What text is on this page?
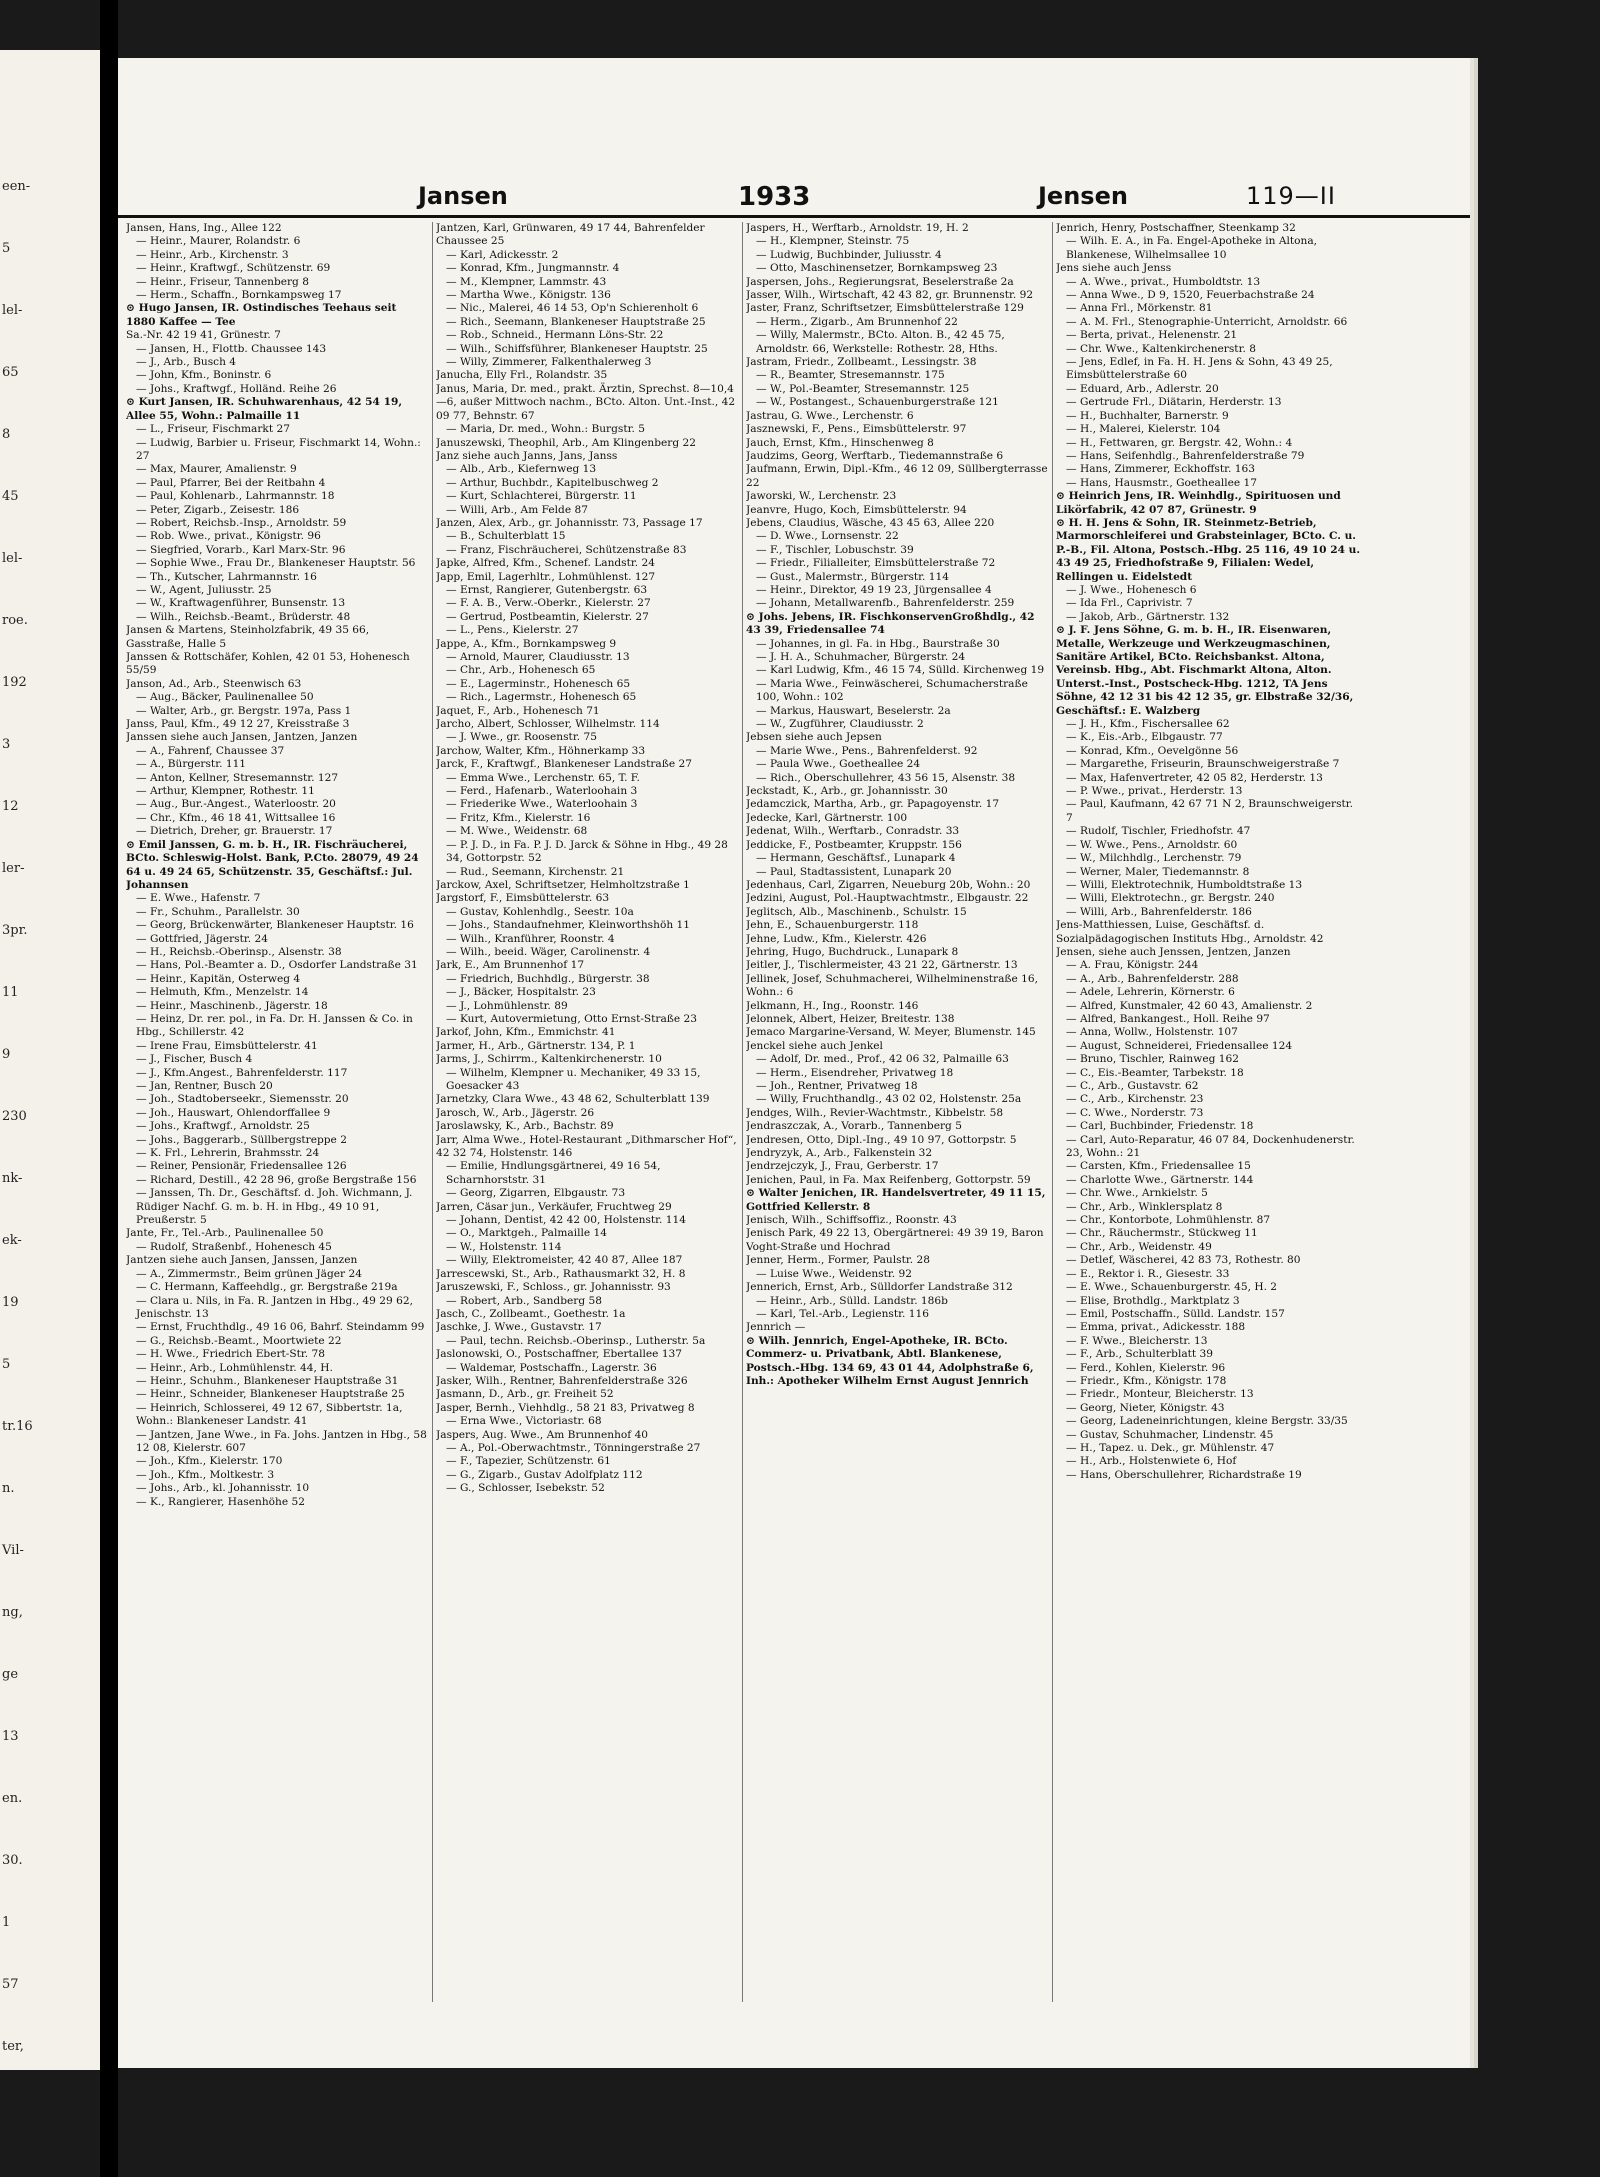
een-
5
lel-
65
8
45
lel-
roe.
192
3
12
ler-
3pr.
11
9
230
nk-
ek-
19
5
tr.16
n.
Vil-
ng,
ge
13
en.
30.
1
57
ter,
Jansen	1933	Jensen	119—II

Jansen, Hans, Ing., Allee 122

— Heinr., Maurer, Rolandstr. 6

— Heinr., Arb., Kirchenstr. 3

— Heinr., Kraftwgf., Schützenstr. 69

— Heinr., Friseur, Tannenberg 8

— Herm., Schaffn., Bornkampsweg 17

⊙ Hugo Jansen, IR. Ostindisches Teehaus seit 1880 Kaffee — Tee

Sa.-Nr. 42 19 41, Grünestr. 7

— Jansen, H., Flottb. Chaussee 143

— J., Arb., Busch 4

— John, Kfm., Boninstr. 6

— Johs., Kraftwgf., Holländ. Reihe 26

⊙ Kurt Jansen, IR. Schuhwarenhaus, 42 54 19, Allee 55, Wohn.: Palmaille 11

— L., Friseur, Fischmarkt 27

— Ludwig, Barbier u. Friseur, Fischmarkt 14, Wohn.: 27

— Max, Maurer, Amalienstr. 9

— Paul, Pfarrer, Bei der Reitbahn 4

— Paul, Kohlenarb., Lahrmannstr. 18

— Peter, Zigarb., Zeisestr. 186

— Robert, Reichsb.-Insp., Arnoldstr. 59

— Rob. Wwe., privat., Königstr. 96

— Siegfried, Vorarb., Karl Marx-Str. 96

— Sophie Wwe., Frau Dr., Blankeneser Hauptstr. 56

— Th., Kutscher, Lahrmannstr. 16

— W., Agent, Juliusstr. 25

— W., Kraftwagenführer, Bunsenstr. 13

— Wilh., Reichsb.-Beamt., Brüderstr. 48

Jansen & Martens, Steinholzfabrik, 49 35 66, Gasstraße, Halle 5

Janssen & Rottschäfer, Kohlen, 42 01 53, Hohenesch 55/59

Janson, Ad., Arb., Steenwisch 63

— Aug., Bäcker, Paulinenallee 50

— Walter, Arb., gr. Bergstr. 197a, Pass 1

Janss, Paul, Kfm., 49 12 27, Kreisstraße 3

Janssen siehe auch Jansen, Jantzen, Janzen

— A., Fahrenf, Chaussee 37

— A., Bürgerstr. 111

— Anton, Kellner, Stresemannstr. 127

— Arthur, Klempner, Rothestr. 11

— Aug., Bur.-Angest., Waterloostr. 20

— Chr., Kfm., 46 18 41, Wittsallee 16

— Dietrich, Dreher, gr. Brauerstr. 17

⊙ Emil Janssen, G. m. b. H., IR. Fischräucherei, BCto. Schleswig-Holst. Bank, P.Cto. 28079, 49 24 64 u. 49 24 65, Schützenstr. 35, Geschäftsf.: Jul. Johannsen

— E. Wwe., Hafenstr. 7

— Fr., Schuhm., Parallelstr. 30

— Georg, Brückenwärter, Blankeneser Hauptstr. 16

— Gottfried, Jägerstr. 24

— H., Reichsb.-Oberinsp., Alsenstr. 38

— Hans, Pol.-Beamter a. D., Osdorfer Landstraße 31

— Heinr., Kapitän, Osterweg 4

— Helmuth, Kfm., Menzelstr. 14

— Heinr., Maschinenb., Jägerstr. 18

— Heinz, Dr. rer. pol., in Fa. Dr. H. Janssen & Co. in Hbg., Schillerstr. 42

— Irene Frau, Eimsbüttelerstr. 41

— J., Fischer, Busch 4

— J., Kfm.Angest., Bahrenfelderstr. 117

— Jan, Rentner, Busch 20

— Joh., Stadtoberseekr., Siemensstr. 20

— Joh., Hauswart, Ohlendorffallee 9

— Johs., Kraftwgf., Arnoldstr. 25

— Johs., Baggerarb., Süllbergstreppe 2

— K. Frl., Lehrerin, Brahmsstr. 24

— Reiner, Pensionär, Friedensallee 126

— Richard, Destill., 42 28 96, große Bergstraße 156

— Janssen, Th. Dr., Geschäftsf. d. Joh. Wichmann, J. Rüdiger Nachf. G. m. b. H. in Hbg., 49 10 91, Preußerstr. 5

Jante, Fr., Tel.-Arb., Paulinenallee 50

— Rudolf, Straßenbf., Hohenesch 45

Jantzen siehe auch Jansen, Janssen, Janzen

— A., Zimmermstr., Beim grünen Jäger 24

— C. Hermann, Kaffeehdlg., gr. Bergstraße 219a

— Clara u. Nils, in Fa. R. Jantzen in Hbg., 49 29 62, Jenischstr. 13

— Ernst, Fruchthdlg., 49 16 06, Bahrf. Steindamm 99

— G., Reichsb.-Beamt., Moortwiete 22

— H. Wwe., Friedrich Ebert-Str. 78

— Heinr., Arb., Lohmühlenstr. 44, H.

— Heinr., Schuhm., Blankeneser Hauptstraße 31

— Heinr., Schneider, Blankeneser Hauptstraße 25

— Heinrich, Schlosserei, 49 12 67, Sibbertstr. 1a, Wohn.: Blankeneser Landstr. 41

— Jantzen, Jane Wwe., in Fa. Johs. Jantzen in Hbg., 58 12 08, Kielerstr. 607

— Joh., Kfm., Kielerstr. 170

— Joh., Kfm., Moltkestr. 3

— Johs., Arb., kl. Johannisstr. 10

— K., Rangierer, Hasenhöhe 52

Jantzen, Karl, Grünwaren, 49 17 44, Bahrenfelder Chaussee 25

— Karl, Adickesstr. 2

— Konrad, Kfm., Jungmannstr. 4

— M., Klempner, Lammstr. 43

— Martha Wwe., Königstr. 136

— Nic., Malerei, 46 14 53, Op'n Schierenholt 6

— Rich., Seemann, Blankeneser Hauptstraße 25

— Rob., Schneid., Hermann Löns-Str. 22

— Wilh., Schiffsführer, Blankeneser Hauptstr. 25

— Willy, Zimmerer, Falkenthalerweg 3

Janucha, Elly Frl., Rolandstr. 35

Janus, Maria, Dr. med., prakt. Ärztin, Sprechst. 8—10,4—6, außer Mittwoch nachm., BCto. Alton. Unt.-Inst., 42 09 77, Behnstr. 67

— Maria, Dr. med., Wohn.: Burgstr. 5

Januszewski, Theophil, Arb., Am Klingenberg 22

Janz siehe auch Janns, Jans, Janss

— Alb., Arb., Kiefernweg 13

— Arthur, Buchbdr., Kapitelbuschweg 2

— Kurt, Schlachterei, Bürgerstr. 11

— Willi, Arb., Am Felde 87

Janzen, Alex, Arb., gr. Johannisstr. 73, Passage 17

— B., Schulterblatt 15

— Franz, Fischräucherei, Schützenstraße 83

Japke, Alfred, Kfm., Schenef. Landstr. 24

Japp, Emil, Lagerhltr., Lohmühlenst. 127

— Ernst, Rangierer, Gutenbergstr. 63

— F. A. B., Verw.-Oberkr., Kielerstr. 27

— Gertrud, Postbeamtin, Kielerstr. 27

— L., Pens., Kielerstr. 27

Jappe, A., Kfm., Bornkampsweg 9

— Arnold, Maurer, Claudiusstr. 13

— Chr., Arb., Hohenesch 65

— E., Lagerminstr., Hohenesch 65

— Rich., Lagermstr., Hohenesch 65

Jaquet, F., Arb., Hohenesch 71

Jarcho, Albert, Schlosser, Wilhelmstr. 114

— J. Wwe., gr. Roosenstr. 75

Jarchow, Walter, Kfm., Höhnerkamp 33

Jarck, F., Kraftwgf., Blankeneser Landstraße 27

— Emma Wwe., Lerchenstr. 65, T. F.

— Ferd., Hafenarb., Waterloohain 3

— Friederike Wwe., Waterloohain 3

— Fritz, Kfm., Kielerstr. 16

— M. Wwe., Weidenstr. 68

— P. J. D., in Fa. P. J. D. Jarck & Söhne in Hbg., 49 28 34, Gottorpstr. 52

— Rud., Seemann, Kirchenstr. 21

Jarckow, Axel, Schriftsetzer, Helmholtzstraße 1

Jargstorf, F., Eimsbüttelerstr. 63

— Gustav, Kohlenhdlg., Seestr. 10a

— Johs., Standaufnehmer, Kleinworthshöh 11

— Wilh., Kranführer, Roonstr. 4

— Wilh., beeid. Wäger, Carolinenstr. 4

Jark, E., Am Brunnenhof 17

— Friedrich, Buchhdlg., Bürgerstr. 38

— J., Bäcker, Hospitalstr. 23

— J., Lohmühlenstr. 89

— Kurt, Autovermietung, Otto Ernst-Straße 23

Jarkof, John, Kfm., Emmichstr. 41

Jarmer, H., Arb., Gärtnerstr. 134, P. 1

Jarms, J., Schirrm., Kaltenkirchenerstr. 10

— Wilhelm, Klempner u. Mechaniker, 49 33 15, Goesacker 43

Jarnetzky, Clara Wwe., 43 48 62, Schulterblatt 139

Jarosch, W., Arb., Jägerstr. 26

Jaroslawsky, K., Arb., Bachstr. 89

Jarr, Alma Wwe., Hotel-Restaurant „Dithmarscher Hof“, 42 32 74, Holstenstr. 146

— Emilie, Hndlungsgärtnerei, 49 16 54, Scharnhorststr. 31

— Georg, Zigarren, Elbgaustr. 73

Jarren, Cäsar jun., Verkäufer, Fruchtweg 29

— Johann, Dentist, 42 42 00, Holstenstr. 114

— O., Marktgeh., Palmaille 14

— W., Holstenstr. 114

— Willy, Elektromeister, 42 40 87, Allee 187

Jarrescewski, St., Arb., Rathausmarkt 32, H. 8

Jaruszewski, F., Schloss., gr. Johannisstr. 93

— Robert, Arb., Sandberg 58

Jasch, C., Zollbeamt., Goethestr. 1a

Jaschke, J. Wwe., Gustavstr. 17

— Paul, techn. Reichsb.-Oberinsp., Lutherstr. 5a

Jaslonowski, O., Postschaffner, Ebertallee 137

— Waldemar, Postschaffn., Lagerstr. 36

Jasker, Wilh., Rentner, Bahrenfelderstraße 326

Jasmann, D., Arb., gr. Freiheit 52

Jasper, Bernh., Viehhdlg., 58 21 83, Privatweg 8

— Erna Wwe., Victoriastr. 68

Jaspers, Aug. Wwe., Am Brunnenhof 40

— A., Pol.-Oberwachtmstr., Tönningerstraße 27

— F., Tapezier, Schützenstr. 61

— G., Zigarb., Gustav Adolfplatz 112

— G., Schlosser, Isebekstr. 52

Jaspers, H., Werftarb., Arnoldstr. 19, H. 2

— H., Klempner, Steinstr. 75

— Ludwig, Buchbinder, Juliusstr. 4

— Otto, Maschinensetzer, Bornkampsweg 23

Jaspersen, Johs., Regierungsrat, Beselerstraße 2a

Jasser, Wilh., Wirtschaft, 42 43 82, gr. Brunnenstr. 92

Jaster, Franz, Schriftsetzer, Eimsbüttelerstraße 129

— Herm., Zigarb., Am Brunnenhof 22

— Willy, Malermstr., BCto. Alton. B., 42 45 75, Arnoldstr. 66, Werkstelle: Rothestr. 28, Hths.

Jastram, Friedr., Zollbeamt., Lessingstr. 38

— R., Beamter, Stresemannstr. 175

— W., Pol.-Beamter, Stresemannstr. 125

— W., Postangest., Schauenburgerstraße 121

Jastrau, G. Wwe., Lerchenstr. 6

Jasznewski, F., Pens., Eimsbüttelerstr. 97

Jauch, Ernst, Kfm., Hinschenweg 8

Jaudzims, Georg, Werftarb., Tiedemannstraße 6

Jaufmann, Erwin, Dipl.-Kfm., 46 12 09, Süllbergterrasse 22

Jaworski, W., Lerchenstr. 23

Jeanvre, Hugo, Koch, Eimsbüttelerstr. 94

Jebens, Claudius, Wäsche, 43 45 63, Allee 220

— D. Wwe., Lornsenstr. 22

— F., Tischler, Lobuschstr. 39

— Friedr., Filialleiter, Eimsbüttelerstraße 72

— Gust., Malermstr., Bürgerstr. 114

— Heinr., Direktor, 49 19 23, Jürgensallee 4

— Johann, Metallwarenfb., Bahrenfelderstr. 259

⊙ Johs. Jebens, IR. FischkonservenGroßhdlg., 42 43 39, Friedensallee 74

— Johannes, in gl. Fa. in Hbg., Baurstraße 30

— J. H. A., Schuhmacher, Bürgerstr. 24

— Karl Ludwig, Kfm., 46 15 74, Sülld. Kirchenweg 19

— Maria Wwe., Feinwäscherei, Schumacherstraße 100, Wohn.: 102

— Markus, Hauswart, Beselerstr. 2a

— W., Zugführer, Claudiusstr. 2

Jebsen siehe auch Jepsen

— Marie Wwe., Pens., Bahrenfelderst. 92

— Paula Wwe., Goetheallee 24

— Rich., Oberschullehrer, 43 56 15, Alsenstr. 38

Jeckstadt, K., Arb., gr. Johannisstr. 30

Jedamczick, Martha, Arb., gr. Papagoyenstr. 17

Jedecke, Karl, Gärtnerstr. 100

Jedenat, Wilh., Werftarb., Conradstr. 33

Jeddicke, F., Postbeamter, Kruppstr. 156

— Hermann, Geschäftsf., Lunapark 4

— Paul, Stadtassistent, Lunapark 20

Jedenhaus, Carl, Zigarren, Neueburg 20b, Wohn.: 20

Jedzini, August, Pol.-Hauptwachtmstr., Elbgaustr. 22

Jeglitsch, Alb., Maschinenb., Schulstr. 15

Jehn, E., Schauenburgerstr. 118

Jehne, Ludw., Kfm., Kielerstr. 426

Jehring, Hugo, Buchdruck., Lunapark 8

Jeitler, J., Tischlermeister, 43 21 22, Gärtnerstr. 13

Jellinek, Josef, Schuhmacherei, Wilhelminenstraße 16, Wohn.: 6

Jelkmann, H., Ing., Roonstr. 146

Jelonnek, Albert, Heizer, Breitestr. 138

Jemaco Margarine-Versand, W. Meyer, Blumenstr. 145

Jenckel siehe auch Jenkel

— Adolf, Dr. med., Prof., 42 06 32, Palmaille 63

— Herm., Eisendreher, Privatweg 18

— Joh., Rentner, Privatweg 18

— Willy, Fruchthandlg., 43 02 02, Holstenstr. 25a

Jendges, Wilh., Revier-Wachtmstr., Kibbelstr. 58

Jendraszczak, A., Vorarb., Tannenberg 5

Jendresen, Otto, Dipl.-Ing., 49 10 97, Gottorpstr. 5

Jendryzyk, A., Arb., Falkenstein 32

Jendrzejczyk, J., Frau, Gerberstr. 17

Jenichen, Paul, in Fa. Max Reifenberg, Gottorpstr. 59

⊙ Walter Jenichen, IR. Handelsvertreter, 49 11 15, Gottfried Kellerstr. 8

Jenisch, Wilh., Schiffsoffiz., Roonstr. 43

Jenisch Park, 49 22 13, Obergärtnerei: 49 39 19, Baron Voght-Straße und Hochrad

Jenner, Herm., Former, Paulstr. 28

— Luise Wwe., Weidenstr. 92

Jennerich, Ernst, Arb., Sülldorfer Landstraße 312

— Heinr., Arb., Sülld. Landstr. 186b

— Karl, Tel.-Arb., Legienstr. 116

Jennrich —

⊙ Wilh. Jennrich, Engel-Apotheke, IR. BCto. Commerz- u. Privatbank, Abtl. Blankenese, Postsch.-Hbg. 134 69, 43 01 44, Adolphstraße 6, Inh.: Apotheker Wilhelm Ernst August Jennrich

Jenrich, Henry, Postschaffner, Steenkamp 32

— Wilh. E. A., in Fa. Engel-Apotheke in Altona, Blankenese, Wilhelmsallee 10

Jens siehe auch Jenss

— A. Wwe., privat., Humboldtstr. 13

— Anna Wwe., D 9, 1520, Feuerbachstraße 24

— Anna Frl., Mörkenstr. 81

— A. M. Frl., Stenographie-Unterricht, Arnoldstr. 66

— Berta, privat., Helenenstr. 21

— Chr. Wwe., Kaltenkirchenerstr. 8

— Jens, Edlef, in Fa. H. H. Jens & Sohn, 43 49 25, Eimsbüttelerstraße 60

— Eduard, Arb., Adlerstr. 20

— Gertrude Frl., Diätarin, Herderstr. 13

— H., Buchhalter, Barnerstr. 9

— H., Malerei, Kielerstr. 104

— H., Fettwaren, gr. Bergstr. 42, Wohn.: 4

— Hans, Seifenhdlg., Bahrenfelderstraße 79

— Hans, Zimmerer, Eckhoffstr. 163

— Hans, Hausmstr., Goetheallee 17

⊙ Heinrich Jens, IR. Weinhdlg., Spirituosen und Likörfabrik, 42 07 87, Grünestr. 9

⊙ H. H. Jens & Sohn, IR. Steinmetz-Betrieb, Marmorschleiferei und Grabsteinlager, BCto. C. u. P.-B., Fil. Altona, Postsch.-Hbg. 25 116, 49 10 24 u. 43 49 25, Friedhofstraße 9, Filialen: Wedel, Rellingen u. Eidelstedt

— J. Wwe., Hohenesch 6

— Ida Frl., Caprivistr. 7

— Jakob, Arb., Gärtnerstr. 132

⊙ J. F. Jens Söhne, G. m. b. H., IR. Eisenwaren, Metalle, Werkzeuge und Werkzeugmaschinen, Sanitäre Artikel, BCto. Reichsbankst. Altona, Vereinsb. Hbg., Abt. Fischmarkt Altona, Alton. Unterst.-Inst., Postscheck-Hbg. 1212, TA Jens Söhne, 42 12 31 bis 42 12 35, gr. Elbstraße 32/36, Geschäftsf.: E. Walzberg

— J. H., Kfm., Fischersallee 62

— K., Eis.-Arb., Elbgaustr. 77

— Konrad, Kfm., Oevelgönne 56

— Margarethe, Friseurin, Braunschweigerstraße 7

— Max, Hafenvertreter, 42 05 82, Herderstr. 13

— P. Wwe., privat., Herderstr. 13

— Paul, Kaufmann, 42 67 71 N 2, Braunschweigerstr. 7

— Rudolf, Tischler, Friedhofstr. 47

— W. Wwe., Pens., Arnoldstr. 60

— W., Milchhdlg., Lerchenstr. 79

— Werner, Maler, Tiedemannstr. 8

— Willi, Elektrotechnik, Humboldtstraße 13

— Willi, Elektrotechn., gr. Bergstr. 240

— Willi, Arb., Bahrenfelderstr. 186

Jens-Matthiessen, Luise, Geschäftsf. d. Sozialpädagogischen Instituts Hbg., Arnoldstr. 42

Jensen, siehe auch Jenssen, Jentzen, Janzen

— A. Frau, Königstr. 244

— A., Arb., Bahrenfelderstr. 288

— Adele, Lehrerin, Körnerstr. 6

— Alfred, Kunstmaler, 42 60 43, Amalienstr. 2

— Alfred, Bankangest., Holl. Reihe 97

— Anna, Wollw., Holstenstr. 107

— August, Schneiderei, Friedensallee 124

— Bruno, Tischler, Rainweg 162

— C., Eis.-Beamter, Tarbekstr. 18

— C., Arb., Gustavstr. 62

— C., Arb., Kirchenstr. 23

— C. Wwe., Norderstr. 73

— Carl, Buchbinder, Friedenstr. 18

— Carl, Auto-Reparatur, 46 07 84, Dockenhudenerstr. 23, Wohn.: 21

— Carsten, Kfm., Friedensallee 15

— Charlotte Wwe., Gärtnerstr. 144

— Chr. Wwe., Arnkielstr. 5

— Chr., Arb., Winklersplatz 8

— Chr., Kontorbote, Lohmühlenstr. 87

— Chr., Räuchermstr., Stückweg 11

— Chr., Arb., Weidenstr. 49

— Detlef, Wäscherei, 42 83 73, Rothestr. 80

— E., Rektor i. R., Giesestr. 33

— E. Wwe., Schauenburgerstr. 45, H. 2

— Elise, Brothdlg., Marktplatz 3

— Emil, Postschaffn., Sülld. Landstr. 157

— Emma, privat., Adickesstr. 188

— F. Wwe., Bleicherstr. 13

— F., Arb., Schulterblatt 39

— Ferd., Kohlen, Kielerstr. 96

— Friedr., Kfm., Königstr. 178

— Friedr., Monteur, Bleicherstr. 13

— Georg, Nieter, Königstr. 43

— Georg, Ladeneinrichtungen, kleine Bergstr. 33/35

— Gustav, Schuhmacher, Lindenstr. 45

— H., Tapez. u. Dek., gr. Mühlenstr. 47

— H., Arb., Holstenwiete 6, Hof

— Hans, Oberschullehrer, Richardstraße 19
